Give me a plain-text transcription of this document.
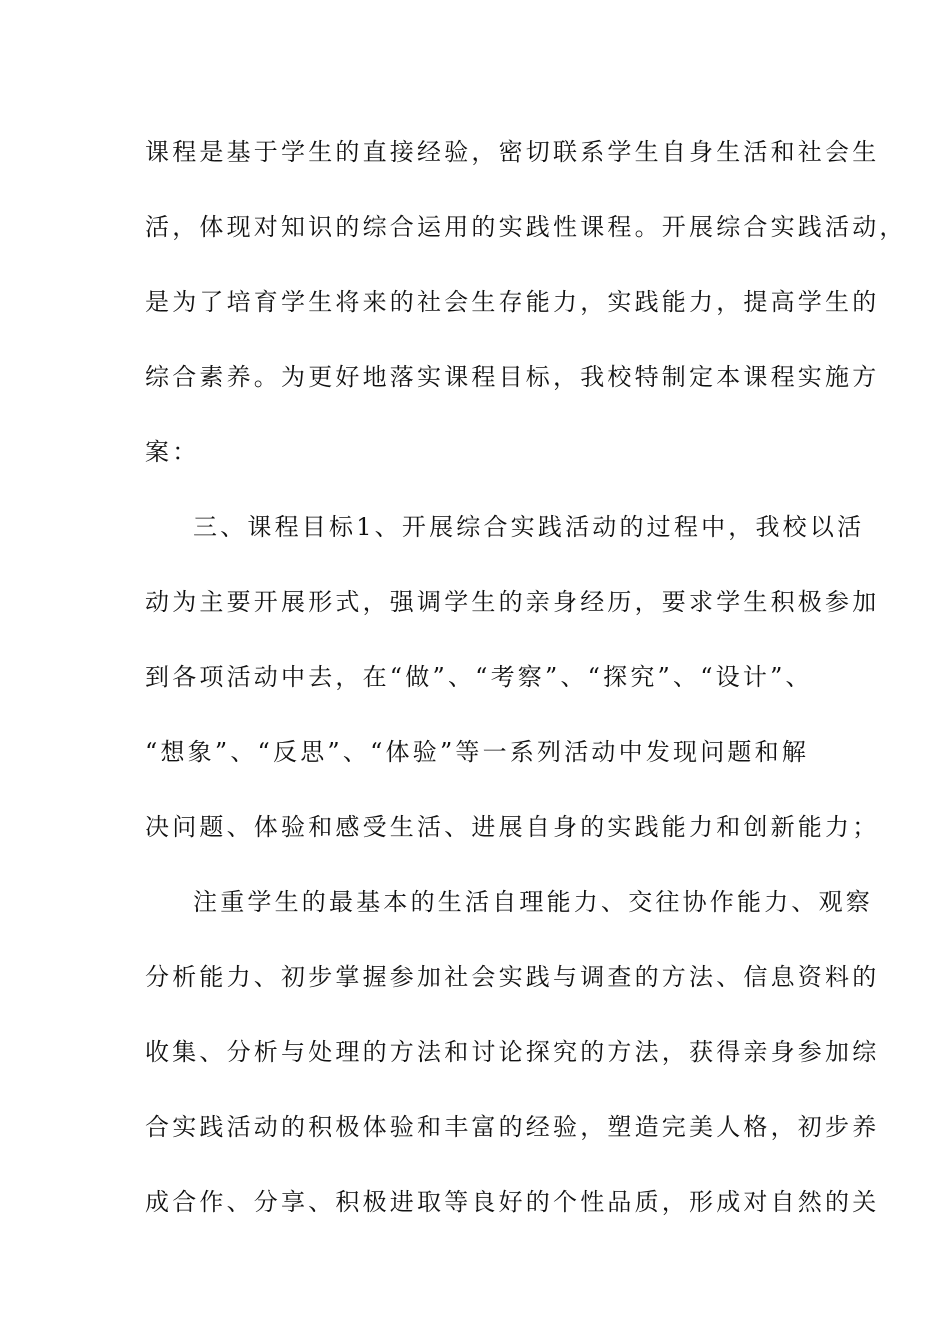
课程是基于学生的直接经验，密切联系学生自身生活和社会生
活，体现对知识的综合运用的实践性课程。开展综合实践活动，
是为了培育学生将来的社会生存能力，实践能力，提高学生的
综合素养。为更好地落实课程目标，我校特制定本课程实施方
案：
三、课程目标1、开展综合实践活动的过程中，我校以活
动为主要开展形式，强调学生的亲身经历，要求学生积极参加
到各项活动中去，在“做”、“考察”、“探究”、“设计”、
“想象”、“反思”、“体验”等一系列活动中发现问题和解
决问题、体验和感受生活、进展自身的实践能力和创新能力；
注重学生的最基本的生活自理能力、交往协作能力、观察
分析能力、初步掌握参加社会实践与调查的方法、信息资料的
收集、分析与处理的方法和讨论探究的方法，获得亲身参加综
合实践活动的积极体验和丰富的经验，塑造完美人格，初步养
成合作、分享、积极进取等良好的个性品质，形成对自然的关
